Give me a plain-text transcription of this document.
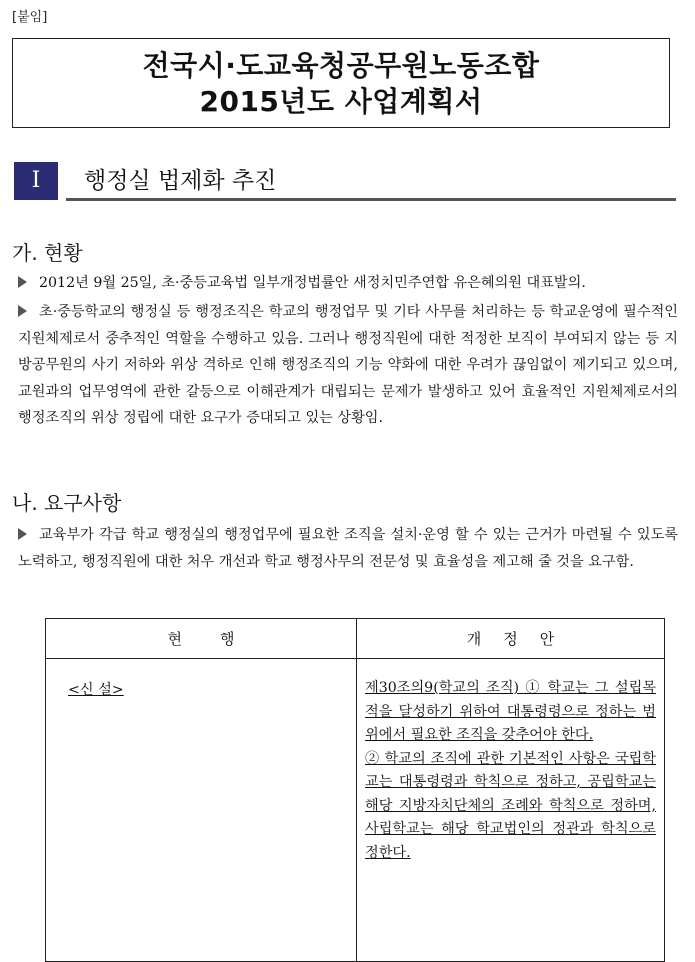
[붙임]
전국시·도교육청공무원노동조합
2015년도 사업계획서
I	행정실 법제화 추진
가. 현황
2012년 9월 25일, 초·중등교육법 일부개정법률안 새정치민주연합 유은혜의원 대표발의.
초·중등학교의 행정실 등 행정조직은 학교의 행정업무 및 기타 사무를 처리하는 등 학교운영에 필수적인 지원체제로서 중추적인 역할을 수행하고 있음. 그러나 행정직원에 대한 적정한 보직이 부여되지 않는 등 지방공무원의 사기 저하와 위상 격하로 인해 행정조직의 기능 약화에 대한 우려가 끊임없이 제기되고 있으며, 교원과의 업무영역에 관한 갈등으로 이해관계가 대립되는 문제가 발생하고 있어 효율적인 지원체제로서의 행정조직의 위상 정립에 대한 요구가 증대되고 있는 상황임.
나. 요구사항
교육부가 각급 학교 행정실의 행정업무에 필요한 조직을 설치·운영 할 수 있는 근거가 마련될 수 있도록 노력하고, 행정직원에 대한 처우 개선과 학교 행정사무의 전문성 및 효율성을 제고해 줄 것을 요구함.
현행	개정안
<신 설>	제30조의9(학교의 조직) ① 학교는 그 설립목적을 달성하기 위하여 대통령령으로 정하는 범위에서 필요한 조직을 갖추어야 한다.
② 학교의 조직에 관한 기본적인 사항은 국립학교는 대통령령과 학칙으로 정하고, 공립학교는 해당 지방자치단체의 조례와 학칙으로 정하며, 사립학교는 해당 학교법인의 정관과 학칙으로 정한다.
